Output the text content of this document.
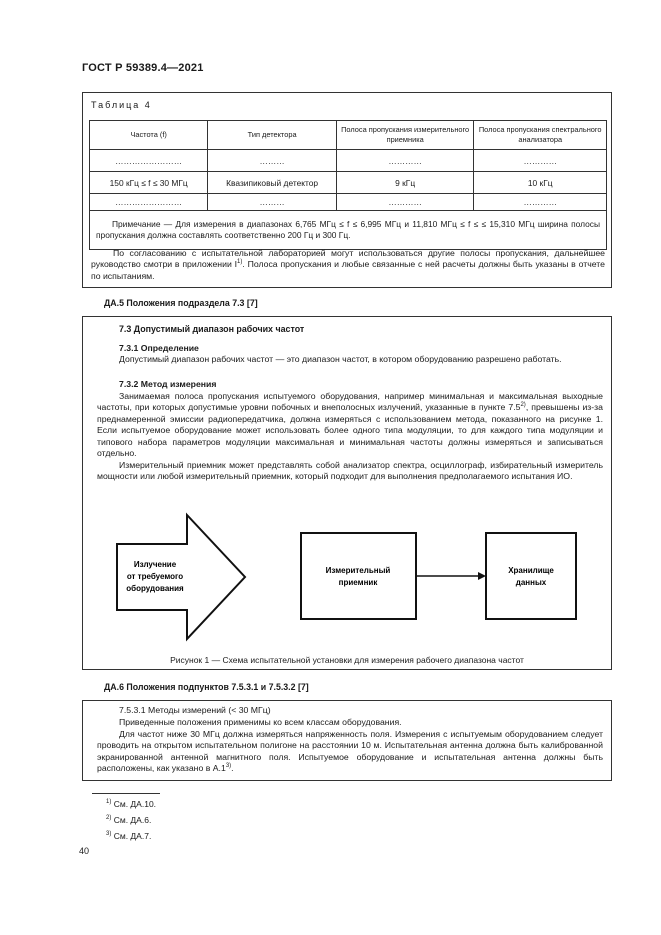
ГОСТ Р 59389.4—2021
Таблица 4
Частота (f)	Тип детектора	Полоса пропускания измерительного приемника	Полоса пропускания спектрального анализатора
……………………	………	…………	…………
150 кГц ≤ f ≤ 30 МГц	Квазипиковый детектор	9 кГц	10 кГц
……………………	………	…………	…………
Примечание — Для измерения в диапазонах 6,765 МГц ≤ f ≤ 6,995 МГц и 11,810 МГц ≤ f ≤ ≤ 15,310 МГц ширина полосы пропускания должна составлять соответственно 200 Гц и 300 Гц.			
По согласованию с испытательной лабораторией могут использоваться другие полосы пропускания, дальнейшее руководство смотри в приложении $I^{1)}$. Полоса пропускания и любые связанные с ней расчеты должны быть указаны в отчете по испытаниям.
ДА.5 Положения подраздела 7.3 [7]
7.3 Допустимый диапазон рабочих частот
7.3.1 Определение
Допустимый диапазон рабочих частот — это диапазон частот, в котором оборудованию разрешено работать.
7.3.2 Метод измерения
Занимаемая полоса пропускания испытуемого оборудования, например минимальная и максимальная выходные частоты, при которых допустимые уровни побочных и внеполосных излучений, указанные в пункте 7.5$^{2)}$, превышены из-за преднамеренной эмиссии радиопередатчика, должна измеряться с использованием метода, показанного на рисунке 1. Если испытуемое оборудование может использовать более одного типа модуляции, то для каждого типа модуляции и типового набора параметров модуляции максимальная и минимальная частоты должны измеряться и записываться отдельно.
Измерительный приемник может представлять собой анализатор спектра, осциллограф, избирательный измеритель мощности или любой измерительный приемник, который подходит для выполнения предполагаемого испытания ИО.
Излучение
от требуемого
оборудования
Измерительный
приемник
Хранилище
данных
Рисунок 1 — Схема испытательной установки для измерения рабочего диапазона частот
ДА.6 Положения подпунктов 7.5.3.1 и 7.5.3.2 [7]
7.5.3.1 Методы измерений (< 30 МГц)
Приведенные положения применимы ко всем классам оборудования.
Для частот ниже 30 МГц должна измеряться напряженность поля. Измерения с испытуемым оборудованием следует проводить на открытом испытательном полигоне на расстоянии 10 м. Испытательная антенна должна быть калиброванной экранированной антенной магнитного поля. Испытуемое оборудование и испытательная антенна должны быть расположены, как указано в А.1$^{3)}$.
$^{1)}$ См. ДА.10.
$^{2)}$ См. ДА.6.
$^{3)}$ См. ДА.7.
40
